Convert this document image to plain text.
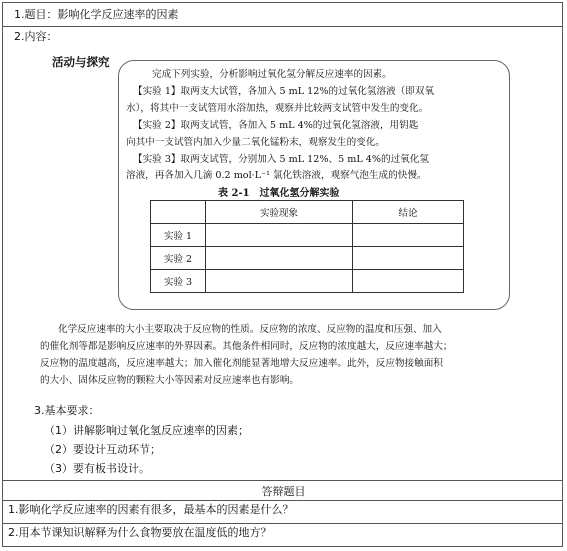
1.题目：影响化学反应速率的因素
2.内容：
活动与探究
完成下列实验，分析影响过氧化氢分解反应速率的因素。
【实验 1】取两支大试管，各加入 5 mL 12%的过氧化氢溶液（即双氧
水），将其中一支试管用水浴加热，观察并比较两支试管中发生的变化。
【实验 2】取两支试管，各加入 5 mL 4%的过氧化氢溶液，用钥匙
向其中一支试管内加入少量二氧化锰粉末，观察发生的变化。
【实验 3】取两支试管，分别加入 5 mL 12%、5 mL 4%的过氧化氢
溶液，再各加入几滴 0.2 mol·L⁻¹ 氯化铁溶液，观察气泡生成的快慢。
表 2-1　过氧化氢分解实验
	实验现象	结论
实验 1		
实验 2		
实验 3		
化学反应速率的大小主要取决于反应物的性质。反应物的浓度、反应物的温度和压强、加入
的催化剂等都是影响反应速率的外界因素。其他条件相同时，反应物的浓度越大，反应速率越大；
反应物的温度越高，反应速率越大；加入催化剂能显著地增大反应速率。此外，反应物接触面积
的大小、固体反应物的颗粒大小等因素对反应速率也有影响。
3.基本要求：
（1）讲解影响过氧化氢反应速率的因素；
（2）要设计互动环节；
（3）要有板书设计。
答辩题目
1.影响化学反应速率的因素有很多，最基本的因素是什么？
2.用本节课知识解释为什么食物要放在温度低的地方？
